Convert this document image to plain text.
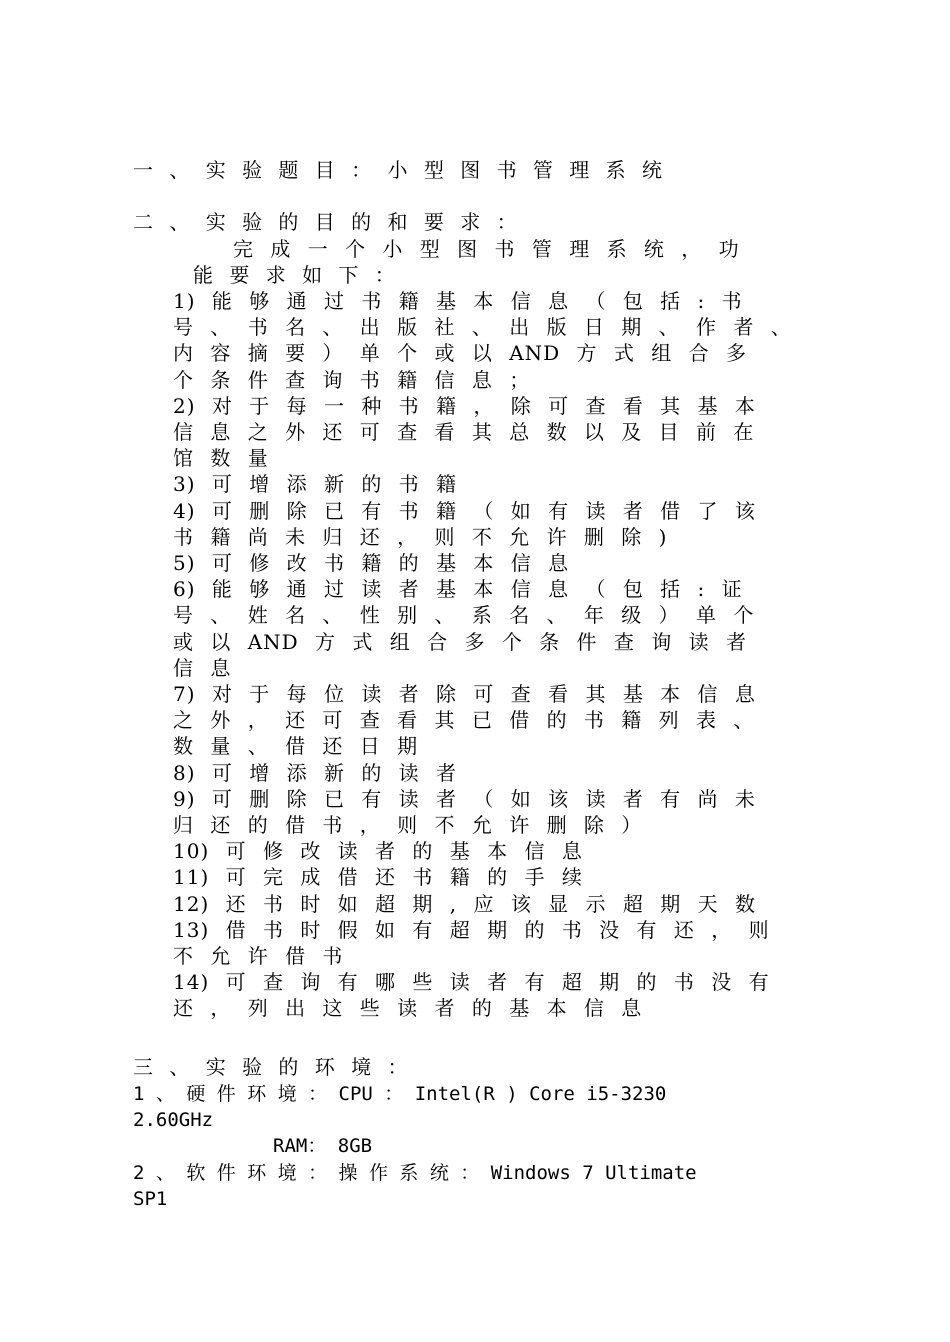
一 、 实 验 题 目 ： 小 型 图 书 管 理 系 统
二 、 实 验 的 目 的 和 要 求 ：
完 成 一 个 小 型 图 书 管 理 系 统 ， 功
能 要 求 如 下 ：
1) 能 够 通 过 书 籍 基 本 信 息 （ 包 括 : 书
号 、 书 名 、 出 版 社 、 出 版 日 期 、 作 者 、
内 容 摘 要 ） 单 个 或 以 AND 方 式 组 合 多
个 条 件 查 询 书 籍 信 息 ；
2) 对 于 每 一 种 书 籍 ， 除 可 查 看 其 基 本
信 息 之 外 还 可 查 看 其 总 数 以 及 目 前 在
馆 数 量
3) 可 增 添 新 的 书 籍
4) 可 删 除 已 有 书 籍 （ 如 有 读 者 借 了 该
书 籍 尚 未 归 还 ， 则 不 允 许 删 除 )
5) 可 修 改 书 籍 的 基 本 信 息
6) 能 够 通 过 读 者 基 本 信 息 （ 包 括 : 证
号 、 姓 名 、 性 别 、 系 名 、 年 级 ） 单 个
或 以 AND 方 式 组 合 多 个 条 件 查 询 读 者
信 息
7) 对 于 每 位 读 者 除 可 查 看 其 基 本 信 息
之 外 ， 还 可 查 看 其 已 借 的 书 籍 列 表 、
数 量 、 借 还 日 期
8) 可 增 添 新 的 读 者
9) 可 删 除 已 有 读 者 （ 如 该 读 者 有 尚 未
归 还 的 借 书 ， 则 不 允 许 删 除 ）
10) 可 修 改 读 者 的 基 本 信 息
11) 可 完 成 借 还 书 籍 的 手 续
12) 还 书 时 如 超 期 , 应 该 显 示 超 期 天 数
13) 借 书 时 假 如 有 超 期 的 书 没 有 还 ， 则
不 允 许 借 书
14) 可 查 询 有 哪 些 读 者 有 超 期 的 书 没 有
还 ， 列 出 这 些 读 者 的 基 本 信 息
三 、 实 验 的 环 境 ：
1 、 硬 件 环 境 ： CPU ： Intel(R ) Core i5-3230
2.60GHz
RAM： 8GB
2 、 软 件 环 境 ： 操 作 系 统 ： Windows 7 Ultimate
SP1
